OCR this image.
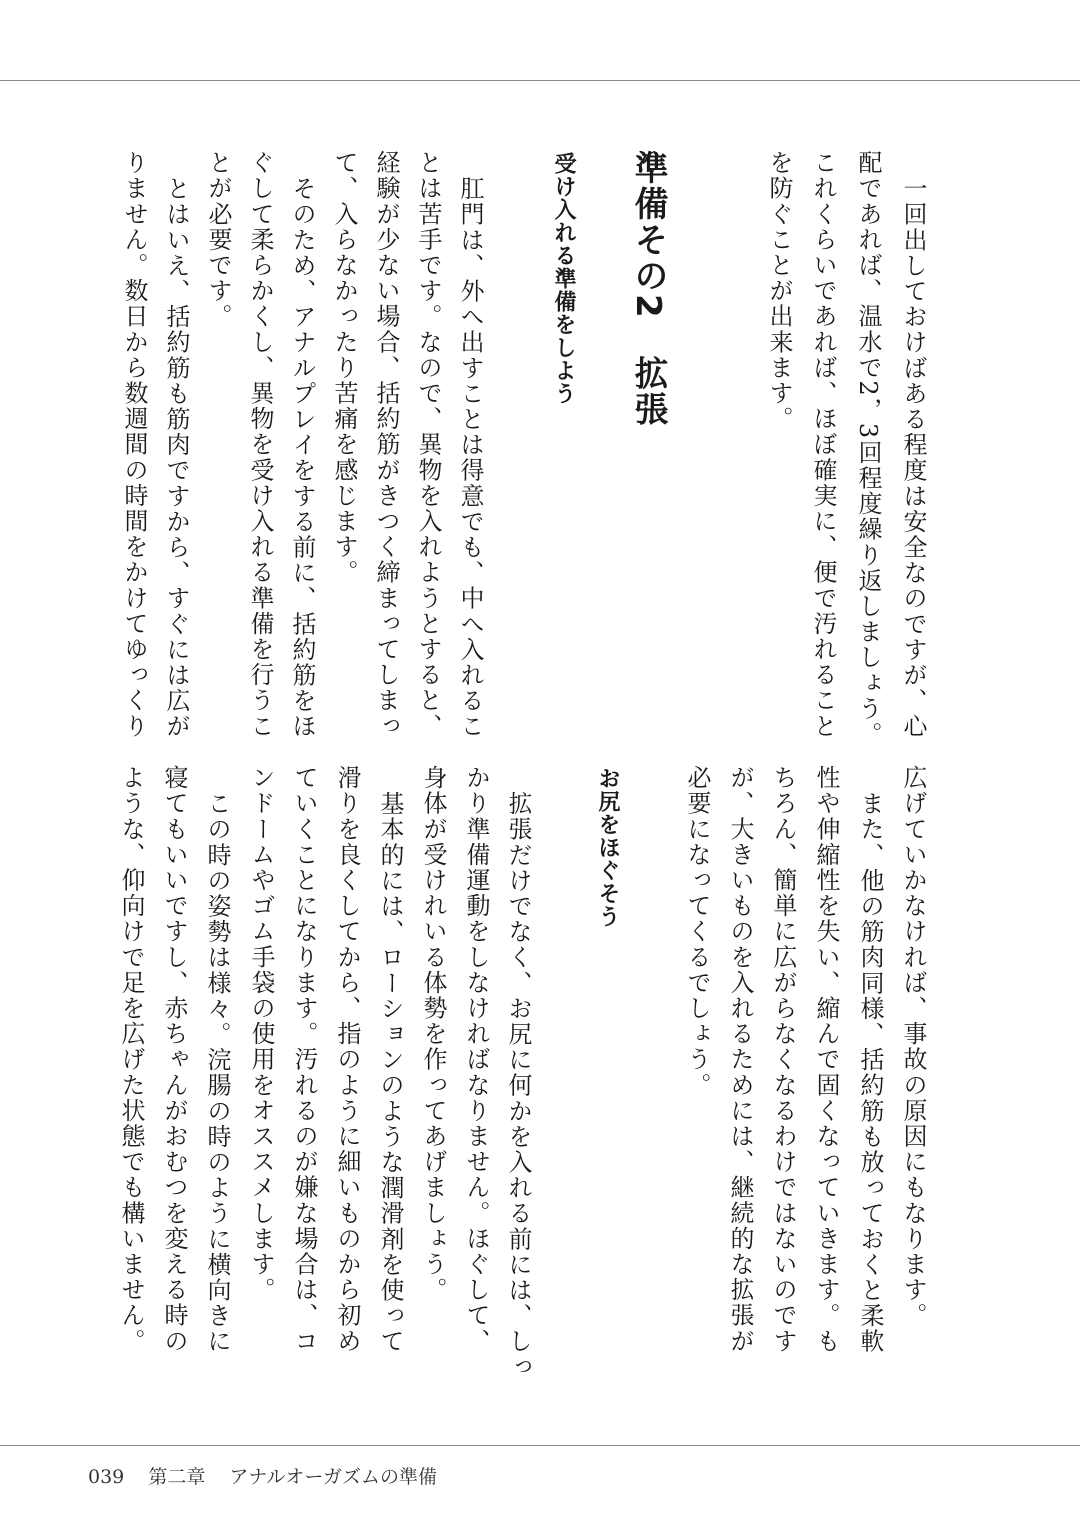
一回出しておけばある程度は安全なのですが、心
配であれば、温水で2，3回程度繰り返しましょう。
これくらいであれば、ほぼ確実に、便で汚れること
を防ぐことが出来ます。
準備その2　拡張
受け入れる準備をしよう
肛門は、外へ出すことは得意でも、中へ入れるこ
とは苦手です。なので、異物を入れようとすると、
経験が少ない場合、括約筋がきつく締まってしまっ
て、入らなかったり苦痛を感じます。
そのため、アナルプレイをする前に、括約筋をほ
ぐして柔らかくし、異物を受け入れる準備を行うこ
とが必要です。
とはいえ、括約筋も筋肉ですから、すぐには広が
りません。数日から数週間の時間をかけてゆっくり
広げていかなければ、事故の原因にもなります。
また、他の筋肉同様、括約筋も放っておくと柔軟
性や伸縮性を失い、縮んで固くなっていきます。も
ちろん、簡単に広がらなくなるわけではないのです
が、大きいものを入れるためには、継続的な拡張が
必要になってくるでしょう。
お尻をほぐそう
拡張だけでなく、お尻に何かを入れる前には、しっ
かり準備運動をしなければなりません。ほぐして、
身体が受けれいる体勢を作ってあげましょう。
基本的には、ローションのような潤滑剤を使って
滑りを良くしてから、指のように細いものから初め
ていくことになります。汚れるのが嫌な場合は、コ
ンドームやゴム手袋の使用をオススメします。
この時の姿勢は様々。浣腸の時のように横向きに
寝てもいいですし、赤ちゃんがおむつを変える時の
ような、仰向けで足を広げた状態でも構いません。
039 第二章 アナルオーガズムの準備
